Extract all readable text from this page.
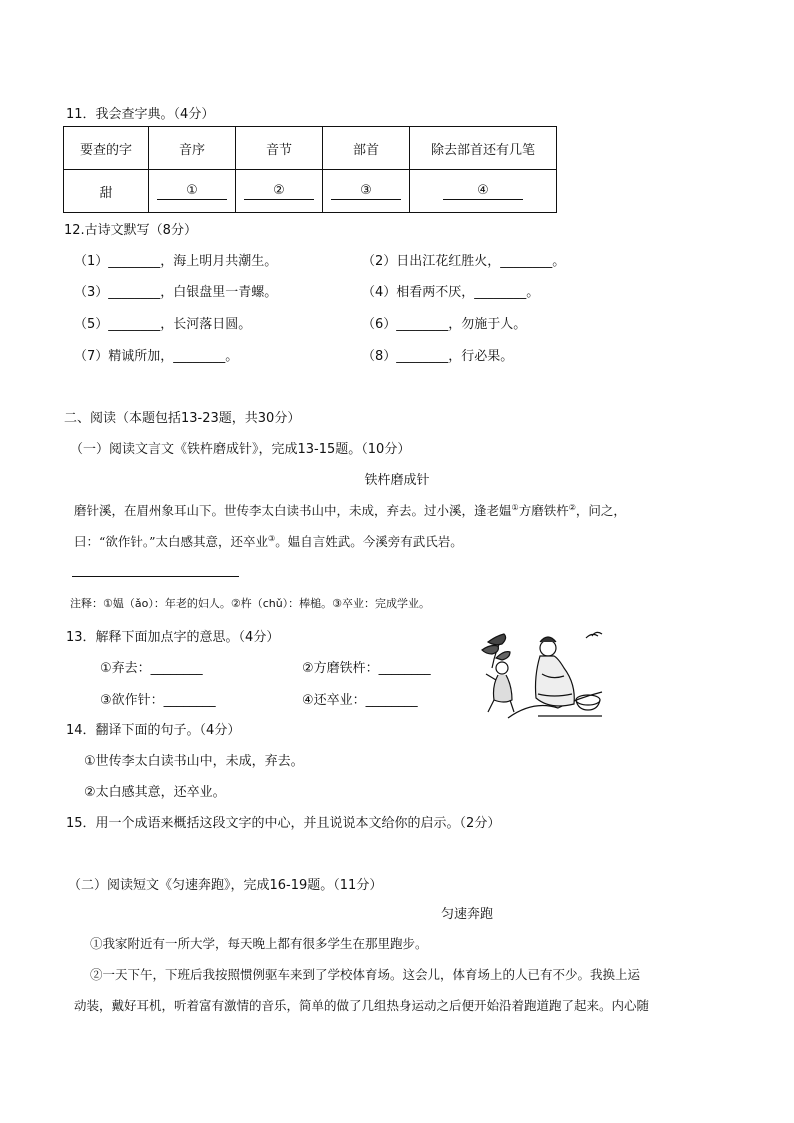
11．我会查字典。（4分）
要查的字	音序	音节	部首	除去部首还有几笔
甜	①	②	③	④
12.古诗文默写（8分）
（1）________，海上明月共潮生。	（2）日出江花红胜火，________。
（3）________，白银盘里一青螺。	（4）相看两不厌，________。
（5）________，长河落日圆。	（6）________，勿施于人。
（7）精诚所加，________。	（8）________，行必果。
二、阅读（本题包括13-23题，共30分）
（一）阅读文言文《铁杵磨成针》，完成13-15题。（10分）
铁杵磨成针
磨针溪，在眉州象耳山下。世传李太白读书山中，未成，弃去。过小溪，逢老媪①方磨铁杵②，问之，
曰：“欲作针。”太白感其意，还卒业③。媪自言姓武。今溪旁有武氏岩。
注释：①媪（ǎo）：年老的妇人。②杵（chǔ）：棒槌。③卒业：完成学业。
13．解释下面加点字的意思。（4分）
①弃去：________	②方磨铁杵：________
③欲作针：________	④还卒业：________
14．翻译下面的句子。（4分）
①世传李太白读书山中，未成，弃去。
②太白感其意，还卒业。
15．用一个成语来概括这段文字的中心，并且说说本文给你的启示。（2分）
（二）阅读短文《匀速奔跑》，完成16-19题。（11分）
匀速奔跑
①我家附近有一所大学，每天晚上都有很多学生在那里跑步。
②一天下午，下班后我按照惯例驱车来到了学校体育场。这会儿，体育场上的人已有不少。我换上运
动装，戴好耳机，听着富有激情的音乐，简单的做了几组热身运动之后便开始沿着跑道跑了起来。内心随
